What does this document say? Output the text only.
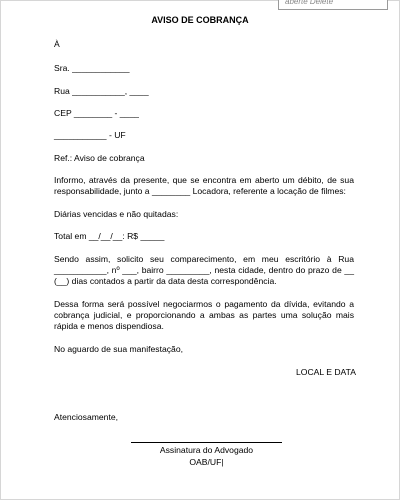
aberte Delete
AVISO DE COBRANÇA
À
Sra. ____________
Rua ___________, ____
CEP ________ - ____
___________ - UF
Ref.: Aviso de cobrança
Informo, através da presente, que se encontra em aberto um débito, de sua responsabilidade, junto a ________ Locadora, referente a locação de filmes:
Diárias vencidas e não quitadas:
Total em __/__/__: R$ _____
Sendo assim, solicito seu comparecimento, em meu escritório à Rua ___________, nº ___, bairro _________, nesta cidade, dentro do prazo de __ (__) dias contados a partir da data desta correspondência.
Dessa forma será possível negociarmos o pagamento da dívida, evitando a cobrança judicial, e proporcionando a ambas as partes uma solução mais rápida e menos dispendiosa.
No aguardo de sua manifestação,
LOCAL E DATA
Atenciosamente,
Assinatura do Advogado
OAB/UF|
